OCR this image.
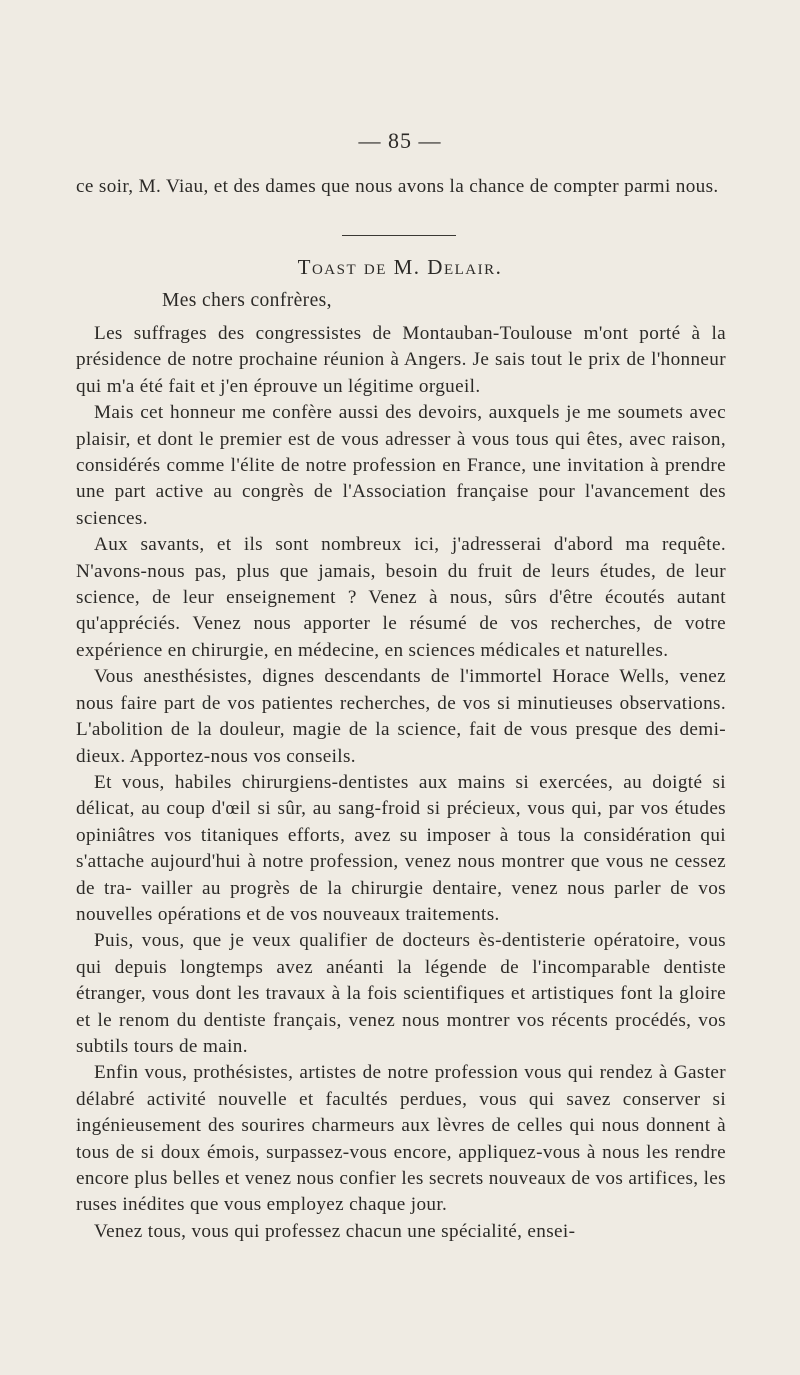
— 85 —

ce soir, M. Viau, et des dames que nous avons la chance de compter parmi nous.

Toast de M. Delair.
Mes chers confrères,

Les suffrages des congressistes de Montauban-Toulouse m'ont porté à la présidence de notre prochaine réunion à Angers. Je sais tout le prix de l'honneur qui m'a été fait et j'en éprouve un légitime orgueil.

Mais cet honneur me confère aussi des devoirs, auxquels je me soumets avec plaisir, et dont le premier est de vous adresser à vous tous qui êtes, avec raison, considérés comme l'élite de notre profession en France, une invitation à prendre une part active au congrès de l'Association française pour l'avancement des sciences.

Aux savants, et ils sont nombreux ici, j'adresserai d'abord ma requête. N'avons-nous pas, plus que jamais, besoin du fruit de leurs études, de leur science, de leur enseignement ? Venez à nous, sûrs d'être écoutés autant qu'appréciés. Venez nous apporter le résumé de vos recherches, de votre expérience en chirurgie, en médecine, en sciences médicales et naturelles.

Vous anesthésistes, dignes descendants de l'immortel Horace Wells, venez nous faire part de vos patientes recherches, de vos si minutieuses observations. L'abolition de la douleur, magie de la science, fait de vous presque des demi-dieux. Apportez-nous vos conseils.

Et vous, habiles chirurgiens-dentistes aux mains si exercées, au doigté si délicat, au coup d'œil si sûr, au sang-froid si précieux, vous qui, par vos études opiniâtres vos titaniques efforts, avez su imposer à tous la considération qui s'attache aujourd'hui à notre profession, venez nous montrer que vous ne cessez de tra- vailler au progrès de la chirurgie dentaire, venez nous parler de vos nouvelles opérations et de vos nouveaux traitements.

Puis, vous, que je veux qualifier de docteurs ès-dentisterie opératoire, vous qui depuis longtemps avez anéanti la légende de l'incomparable dentiste étranger, vous dont les travaux à la fois scientifiques et artistiques font la gloire et le renom du dentiste français, venez nous montrer vos récents procédés, vos subtils tours de main.

Enfin vous, prothésistes, artistes de notre profession vous qui rendez à Gaster délabré activité nouvelle et facultés perdues, vous qui savez conserver si ingénieusement des sourires charmeurs aux lèvres de celles qui nous donnent à tous de si doux émois, surpassez-vous encore, appliquez-vous à nous les rendre encore plus belles et venez nous confier les secrets nouveaux de vos artifices, les ruses inédites que vous employez chaque jour.

Venez tous, vous qui professez chacun une spécialité, ensei-
